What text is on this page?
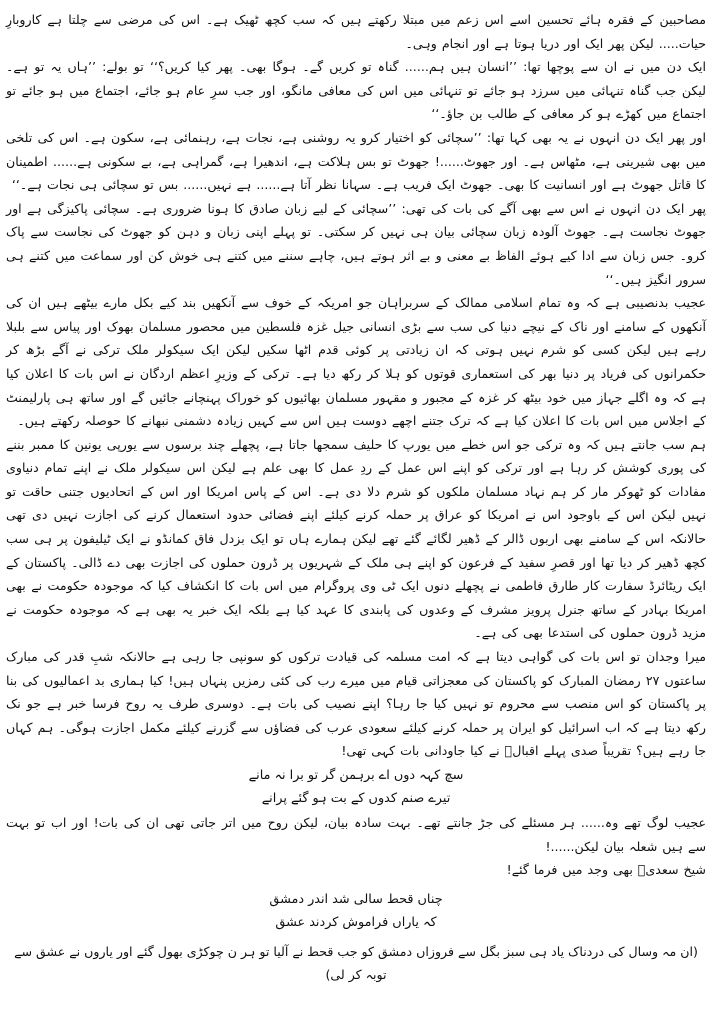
مصاحبین کے فقرہ ہائے تحسین اسے اس زعم میں مبتلا رکھتے ہیں کہ سب کچھ ٹھیک ہے۔ اس کی مرضی سے چلتا ہے کاروبارِ حیات..... لیکن پھر ایک اور دریا ہوتا ہے اور انجام وہی۔

ایک دن میں نے ان سے پوچھا تھا: ’’انسان ہیں ہم...... گناہ تو کریں گے۔ ہوگا بھی۔ پھر کیا کریں؟‘‘ تو بولے: ’’ہاں یہ تو ہے۔ لیکن جب گناہ تنہائی میں سرزد ہو جائے تو تنہائی میں اس کی معافی مانگو، اور جب سرِ عام ہو جائے، اجتماع میں ہو جائے تو اجتماع میں کھڑے ہو کر معافی کے طالب بن جاؤ۔‘‘

اور پھر ایک دن انہوں نے یہ بھی کہا تھا: ’’سچائی کو اختیار کرو یہ روشنی ہے، نجات ہے، رہنمائی ہے، سکون ہے۔ اس کی تلخی میں بھی شیرینی ہے، مٹھاس ہے۔ اور جھوٹ......! جھوٹ تو بس ہلاکت ہے، اندھیرا ہے، گمراہی ہے، بے سکونی ہے...... اطمینان کا قاتل جھوٹ ہے اور انسانیت کا بھی۔ جھوٹ ایک فریب ہے۔ سہانا نظر آتا ہے...... ہے نہیں...... بس تو سچائی ہی نجات ہے۔‘‘

پھر ایک دن انہوں نے اس سے بھی آگے کی بات کی تھی: ’’سچائی کے لیے زبان صادق کا ہونا ضروری ہے۔ سچائی پاکیزگی ہے اور جھوٹ نجاست ہے۔ جھوٹ آلودہ زبان سچائی بیان ہی نہیں کر سکتی۔ تو پہلے اپنی زبان و دہن کو جھوٹ کی نجاست سے پاک کرو۔ جس زبان سے ادا کیے ہوئے الفاظ بے معنی و بے اثر ہوتے ہیں، چاہے سننے میں کتنے ہی خوش کن اور سماعت میں کتنے ہی سرور انگیز ہیں۔‘‘

عجیب بدنصیبی ہے کہ وہ تمام اسلامی ممالک کے سربراہان جو امریکہ کے خوف سے آنکھیں بند کیے بکل مارے بیٹھے ہیں ان کی آنکھوں کے سامنے اور ناک کے نیچے دنیا کی سب سے بڑی انسانی جیل غزہ فلسطین میں محصور مسلمان بھوک اور پیاس سے بلبلا رہے ہیں لیکن کسی کو شرم نہیں ہوتی کہ ان زیادتی پر کوئی قدم اٹھا سکیں لیکن ایک سیکولر ملک ترکی نے آگے بڑھ کر حکمرانوں کی فریاد پر دنیا بھر کی استعماری قوتوں کو ہلا کر رکھ دیا ہے۔ ترکی کے وزیرِ اعظم اردگان نے اس بات کا اعلان کیا ہے کہ وہ اگلے جہاز میں خود بیٹھ کر غزہ کے مجبور و مقہور مسلمان بھائیوں کو خوراک پہنچانے جائیں گے اور ساتھ ہی پارلیمنٹ کے اجلاس میں اس بات کا اعلان کیا ہے کہ ترک جتنے اچھے دوست ہیں اس سے کہیں زیادہ دشمنی نبھانے کا حوصلہ رکھتے ہیں۔

ہم سب جانتے ہیں کہ وہ ترکی جو اس خطے میں یورپ کا حلیف سمجھا جاتا ہے، پچھلے چند برسوں سے یورپی یونین کا ممبر بننے کی پوری کوشش کر رہا ہے اور ترکی کو اپنے اس عمل کے ردِ عمل کا بھی علم ہے لیکن اس سیکولر ملک نے اپنے تمام دنیاوی مفادات کو ٹھوکر مار کر ہم نہاد مسلمان ملکوں کو شرم دلا دی ہے۔ اس کے پاس امریکا اور اس کے اتحادیوں جتنی حاقت تو نہیں لیکن اس کے باوجود اس نے امریکا کو عراق پر حملہ کرنے کیلئے اپنے فضائی حدود استعمال کرنے کی اجازت نہیں دی تھی حالانکہ اس کے سامنے بھی اربوں ڈالر کے ڈھیر لگائے گئے تھے لیکن ہمارے ہاں تو ایک بزدل فاق کمانڈو نے ایک ٹیلیفون پر ہی سب کچھ ڈھیر کر دیا تھا اور قصرِ سفید کے فرعون کو اپنے ہی ملک کے شہریوں پر ڈرون حملوں کی اجازت بھی دے ڈالی۔ پاکستان کے ایک ریٹائرڈ سفارت کار طارق فاطمی نے پچھلے دنوں ایک ٹی وی پروگرام میں اس بات کا انکشاف کیا کہ موجودہ حکومت نے بھی امریکا بہادر کے ساتھ جنرل پرویز مشرف کے وعدوں کی پابندی کا عہد کیا ہے بلکہ ایک خبر یہ بھی ہے کہ موجودہ حکومت نے مزید ڈرون حملوں کی استدعا بھی کی ہے۔

میرا وجدان تو اس بات کی گواہی دیتا ہے کہ امت مسلمہ کی قیادت ترکوں کو سونپی جا رہی ہے حالانکہ شبِ قدر کی مبارک ساعتوں ۲۷ رمضان المبارک کو پاکستان کی معجزاتی قیام میں میرے رب کی کئی رمزیں پنہاں ہیں! کیا ہماری بد اعمالیوں کی بنا پر پاکستان کو اس منصب سے محروم تو نہیں کیا جا رہا؟ اپنے نصیب کی بات ہے۔ دوسری طرف یہ روح فرسا خبر ہے جو نک رکھ دیتا ہے کہ اب اسرائیل کو ایران پر حملہ کرنے کیلئے سعودی عرب کی فضاؤں سے گزرنے کیلئے مکمل اجازت ہوگی۔ ہم کہاں جا رہے ہیں؟ تقریباً صدی پہلے اقبالؒ نے کیا جاودانی بات کہی تھی!

سچ کہہ دوں اے برہمن گر تو برا نہ مانے

تیرے صنم کدوں کے بت ہو گئے پرانے

عجیب لوگ تھے وہ...... ہر مسئلے کی جڑ جانتے تھے۔ بہت سادہ بیان، لیکن روح میں اتر جاتی تھی ان کی بات! اور اب تو بہت سے ہیں شعلہ بیان لیکن......!

شیخ سعدیؒ بھی وجد میں فرما گئے!

چناں قحط سالی شد اندر دمشق

کہ یاراں فراموش کردند عشق

(ان مہ وسال کی دردناک یاد ہی سبز بگل سے فروزاں دمشق کو جب قحط نے آلیا تو ہر ن چوکڑی بھول گئے اور یاروں نے عشق سے توبہ کر لی)
